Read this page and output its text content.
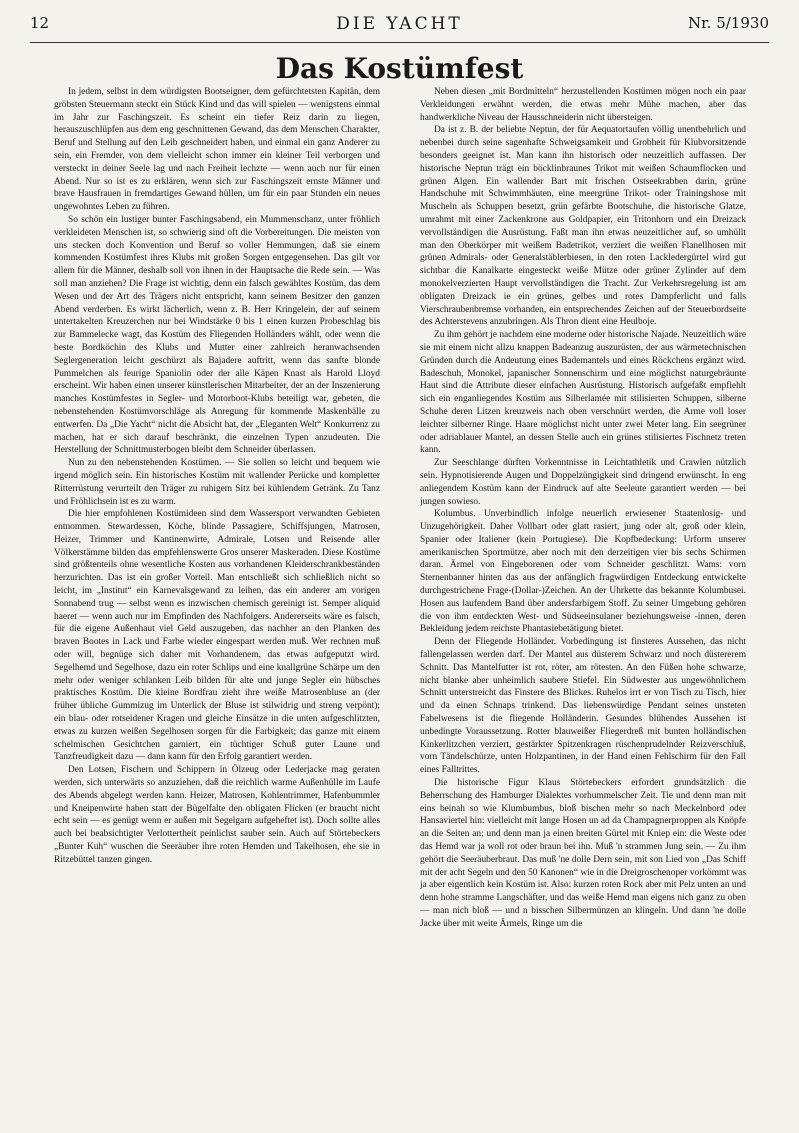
12	DIE YACHT	Nr. 5/1930
Das Kostümfest

In jedem, selbst in dem würdigsten Bootseigner, dem gefürchtetsten Kapitän, dem gröbsten Steuermann steckt ein Stück Kind und das will spielen — wenigstens einmal im Jahr zur Faschingszeit. Es scheint ein tiefer Reiz darin zu liegen, herauszuschlüpfen aus dem eng geschnittenen Gewand, das dem Menschen Charakter, Beruf und Stellung auf den Leib geschneidert haben, und einmal ein ganz Anderer zu sein, ein Fremder, von dem vielleicht schon immer ein kleiner Teil verborgen und versteckt in deiner Seele lag und nach Freiheit lechzte — wenn auch nur für einen Abend. Nur so ist es zu erklären, wenn sich zur Faschingszeit ernste Männer und brave Hausfrauen in fremdartiges Gewand hüllen, um für ein paar Stunden ein neues ungewohntes Leben zu führen.

So schön ein lustiger bunter Faschingsabend, ein Mummenschanz, unter fröhlich verkleideten Menschen ist, so schwierig sind oft die Vorbereitungen. Die meisten von uns stecken doch Konvention und Beruf so voller Hemmungen, daß sie einem kommenden Kostümfest ihres Klubs mit großen Sorgen entgegensehen. Das gilt vor allem für die Männer, deshalb soll von ihnen in der Hauptsache die Rede sein. — Was soll man anziehen? Die Frage ist wichtig, denn ein falsch gewähltes Kostüm, das dem Wesen und der Art des Trägers nicht entspricht, kann seinem Besitzer den ganzen Abend verderben. Es wirkt lächerlich, wenn z. B. Herr Kringelein, der auf seinem untertakelten Kreuzerchen nur bei Windstärke 0 bis 1 einen kurzen Probeschlag bis zur Bammelecke wagt, das Kostüm des Fliegenden Holländers wählt, oder wenn die beste Bordköchin des Klubs und Mutter einer zahlreich heranwachsenden Seglergeneration leicht geschürzt als Bajadere auftritt, wenn das sanfte blonde Pummelchen als feurige Spaniolin oder der alle Käpen Knast als Harold Lloyd erscheint. Wir haben einen unserer künstlerischen Mitarbeiter, der an der Inszenierung manches Kostümfestes in Segler- und Motorboot-Klubs beteiligt war, gebeten, die nebenstehenden Kostümvorschläge als Anregung für kommende Maskenbälle zu entwerfen. Da „Die Yacht“ nicht die Absicht hat, der „Eleganten Welt“ Konkurrenz zu machen, hat er sich darauf beschränkt, die einzelnen Typen anzudeuten. Die Herstellung der Schnittmusterbogen bleibt dem Schneider überlassen.

Nun zu den nebenstehenden Kostümen. — Sie sollen so leicht und bequem wie irgend möglich sein. Ein historisches Kostüm mit wallender Perücke und kompletter Ritterrüstung verurteilt den Träger zu ruhigem Sitz bei kühlendem Getränk. Zu Tanz und Fröhlichsein ist es zu warm.

Die hier empfohlenen Kostümideen sind dem Wassersport verwandten Gebieten entnommen. Stewardessen, Köche, blinde Passagiere, Schiffsjungen, Matrosen, Heizer, Trimmer und Kantinenwirte, Admirale, Lotsen und Reisende aller Völkerstämme bilden das empfehlenswerte Gros unserer Maskeraden. Diese Kostüme sind größtenteils ohne wesentliche Kosten aus vorhandenen Kleiderschrankbeständen herzurichten. Das ist ein großer Vorteil. Man entschließt sich schließlich nicht so leicht, im „Institut“ ein Karnevalsgewand zu leihen, das ein anderer am vorigen Sonnabend trug — selbst wenn es inzwischen chemisch gereinigt ist. Semper aliquid haeret — wenn auch nur im Empfinden des Nachfolgers. Andererseits wäre es falsch, für die eigene Außenhaut viel Geld auszugeben, das nachher an den Planken des braven Bootes in Lack und Farbe wieder eingespart werden muß. Wer rechnen muß oder will, begnüge sich daher mit Vorhandenem, das etwas aufgeputzt wird. Segelhemd und Segelhose, dazu ein roter Schlips und eine knallgrüne Schärpe um den mehr oder weniger schlanken Leib bilden für alte und junge Segler ein hübsches praktisches Kostüm. Die kleine Bordfrau zieht ihre weiße Matrosenbluse an (der früher übliche Gummizug im Unterlick der Bluse ist stilwidrig und streng verpönt); ein blau- oder rotseidener Kragen und gleiche Einsätze in die unten aufgeschlitzten, etwas zu kurzen weißen Segelhosen sorgen für die Farbigkeit; das ganze mit einem schelmischen Gesichtchen garniert, ein tüchtiger Schuß guter Laune und Tanzfreudigkeit dazu — dann kann für den Erfolg garantiert werden.

Den Lotsen, Fischern und Schippern in Ölzeug oder Lederjacke mag geraten werden, sich unterwärts so anzuziehen, daß die reichlich warme Außenhülle im Laufe des Abends abgelegt werden kann. Heizer, Matrosen, Kohlentrimmer, Hafenbummler und Kneipenwirte haben statt der Bügelfalte den obligaten Flicken (er braucht nicht echt sein — es genügt wenn er außen mit Segelgarn aufgeheftet ist). Doch sollte alles auch bei beabsichtigter Verlottertheit peinlichst sauber sein. Auch auf Störtebeckers „Bunter Kuh“ wuschen die Seeräuber ihre roten Hemden und Takelhosen, ehe sie in Ritzebüttel tanzen gingen.

Neben diesen „mit Bordmitteln“ herzustellenden Kostümen mögen noch ein paar Verkleidungen erwähnt werden, die etwas mehr Mühe machen, aber das handwerkliche Niveau der Hausschneiderin nicht übersteigen.

Da ist z. B. der beliebte Neptun, der für Aequatortaufen völlig unentbehrlich und nebenbei durch seine sagenhafte Schweigsamkeit und Grobheit für Klubvorsitzende besonders geeignet ist. Man kann ihn historisch oder neuzeitlich auffassen. Der historische Neptun trägt ein böcklinbraunes Trikot mit weißen Schaumflocken und grünen Algen. Ein wallender Bart mit frischen Ostseekrabben darin, grüne Handschuhe mit Schwimmhäuten, eine meergrüne Trikot- oder Trainingshose mit Muscheln als Schuppen besetzt, grün gefärbte Bootschuhe, die historische Glatze, umrahmt mit einer Zackenkrone aus Goldpapier, ein Tritonhorn und ein Dreizack vervollständigen die Ausrüstung. Faßt man ihn etwas neuzeitlicher auf, so umhüllt man den Oberkörper mit weißem Badetrikot, verziert die weißen Flanellhosen mit grünen Admirals- oder Generalstäblerbiesen, in den roten Lackledergürtel wird gut sichtbar die Kanalkarte eingesteckt weiße Mütze oder grüner Zylinder auf dem monokelverzierten Haupt vervollständigen die Tracht. Zur Verkehrsregelung ist am obligaten Dreizack ie ein grünes, gelbes und rotes Dampferlicht und falls Vierschraubenbremse vorhanden, ein entsprechendes Zeichen auf der Steuerbordseite des Achterstevens anzubringen. Als Thron dient eine Heulboje.

Zu ihm gehört je nachdem eine moderne oder historische Najade. Neuzeitlich wäre sie mit einem nicht allzu knappen Badeanzug auszurüsten, der aus wärmetechnischen Gründen durch die Andeutung eines Bademantels und eines Röckchens ergänzt wird. Badeschuh, Monokel, japanischer Sonnenschirm und eine möglichst naturgebräunte Haut sind die Attribute dieser einfachen Ausrüstung. Historisch aufgefaßt empfiehlt sich ein enganliegendes Kostüm aus Silberlamée mit stilisierten Schuppen, silberne Schuhe deren Litzen kreuzweis nach oben verschnürt werden, die Arme voll loser leichter silberner Ringe. Haare möglichst nicht unter zwei Meter lang. Ein seegrüner oder adriablauer Mantel, an dessen Stelle auch ein grünes stilisiertes Fischnetz treten kann.

Zur Seeschlange dürften Vorkenntnisse in Leichtathletik und Crawlen nützlich sein. Hypnotisierende Augen und Doppelzüngigkeit sind dringend erwünscht. In eng anliegendem Kostüm kann der Eindruck auf alte Seeleute garantiert werden — bei jungen sowieso.

Kolumbus. Unverbindlich infolge neuerlich erwiesener Staatenlosig- und Unzugehörigkeit. Daher Vollbart oder glatt rasiert, jung oder alt, groß oder klein, Spanier oder Italiener (kein Portugiese). Die Kopfbedeckung: Urform unserer amerikanischen Sportmütze, aber noch mit den derzeitigen vier bis sechs Schirmen daran. Ärmel von Eingeborenen oder vom Schneider geschlitzt. Wams: vorn Sternenbanner hinten das aus der anfänglich fragwürdigen Entdeckung entwickelte durchgestrichene Frage-(Dollar-)Zeichen. An der Uhrkette das bekannte Kolumbusei. Hosen aus laufendem Band über andersfarbigem Stoff. Zu seiner Umgebung gehören die von ihm entdeckten West- und Südseeinsulaner beziehungsweise -innen, deren Bekleidung jedem reichste Phantasiebetätigung bietet.

Denn der Fliegende Holländer. Vorbedingung ist finsteres Aussehen, das nicht fallengelassen werden darf. Der Mantel aus düsterem Schwarz und noch düstererem Schnitt. Das Mantelfutter ist rot, röter, am rötesten. An den Füßen hohe schwarze, nicht blanke aber unheimlich saubere Stiefel. Ein Südwester aus ungewöhnlichem Schnitt unterstreicht das Finstere des Blickes. Ruhelos irrt er von Tisch zu Tisch, hier und da einen Schnaps trinkend. Das liebenswürdige Pendant seines unsteten Fabelwesens ist die fliegende Holländerin. Gesundes blühendes Aussehen ist unbedingte Voraussetzung. Rotter blauweißer Fliegerdreß mit bunten holländischen Kinkerlitzchen verziert, gestärkter Spitzenkragen rüschenprudelnder Reizverschluß, vorn Tändelschürze, unten Holzpantinen, in der Hand einen Fehlschirm für den Fall eines Falltrittes.

Die historische Figur Klaus Störtebeckers erfordert grundsätzlich die Beherrschung des Hamburger Dialektes vorhummelscher Zeit. Tie und denn man mit eins beinah so wie Klumbumbus, bloß bischen mehr so nach Meckelnbord oder Hansaviertel hin: vielleicht mit lange Hosen un ad da Champagnerproppen als Knöpfe an die Seiten an; und denn man ja einen breiten Gürtel mit Kniep ein: die Weste oder das Hemd war ja woll rot oder braun bei ihn. Muß 'n strammen Jung sein. — Zu ihm gehört die Seeräuberbraut. Das muß 'ne dolle Dern sein, mit son Lied von „Das Schiff mit der acht Segeln und den 50 Kanonen“ wie in die Dreigroschenoper vorkömmt was ja aber eigentlich kein Kostüm ist. Also: kurzen roten Rock aber mit Pelz unten an und denn hohe stramme Langschäfter, und das weiße Hemd man eigens nich ganz zu oben — man nich bloß — und n bisschen Silbermünzen an klingeln. Und dann 'ne dolle Jacke über mit weite Ärmels, Ringe um die
